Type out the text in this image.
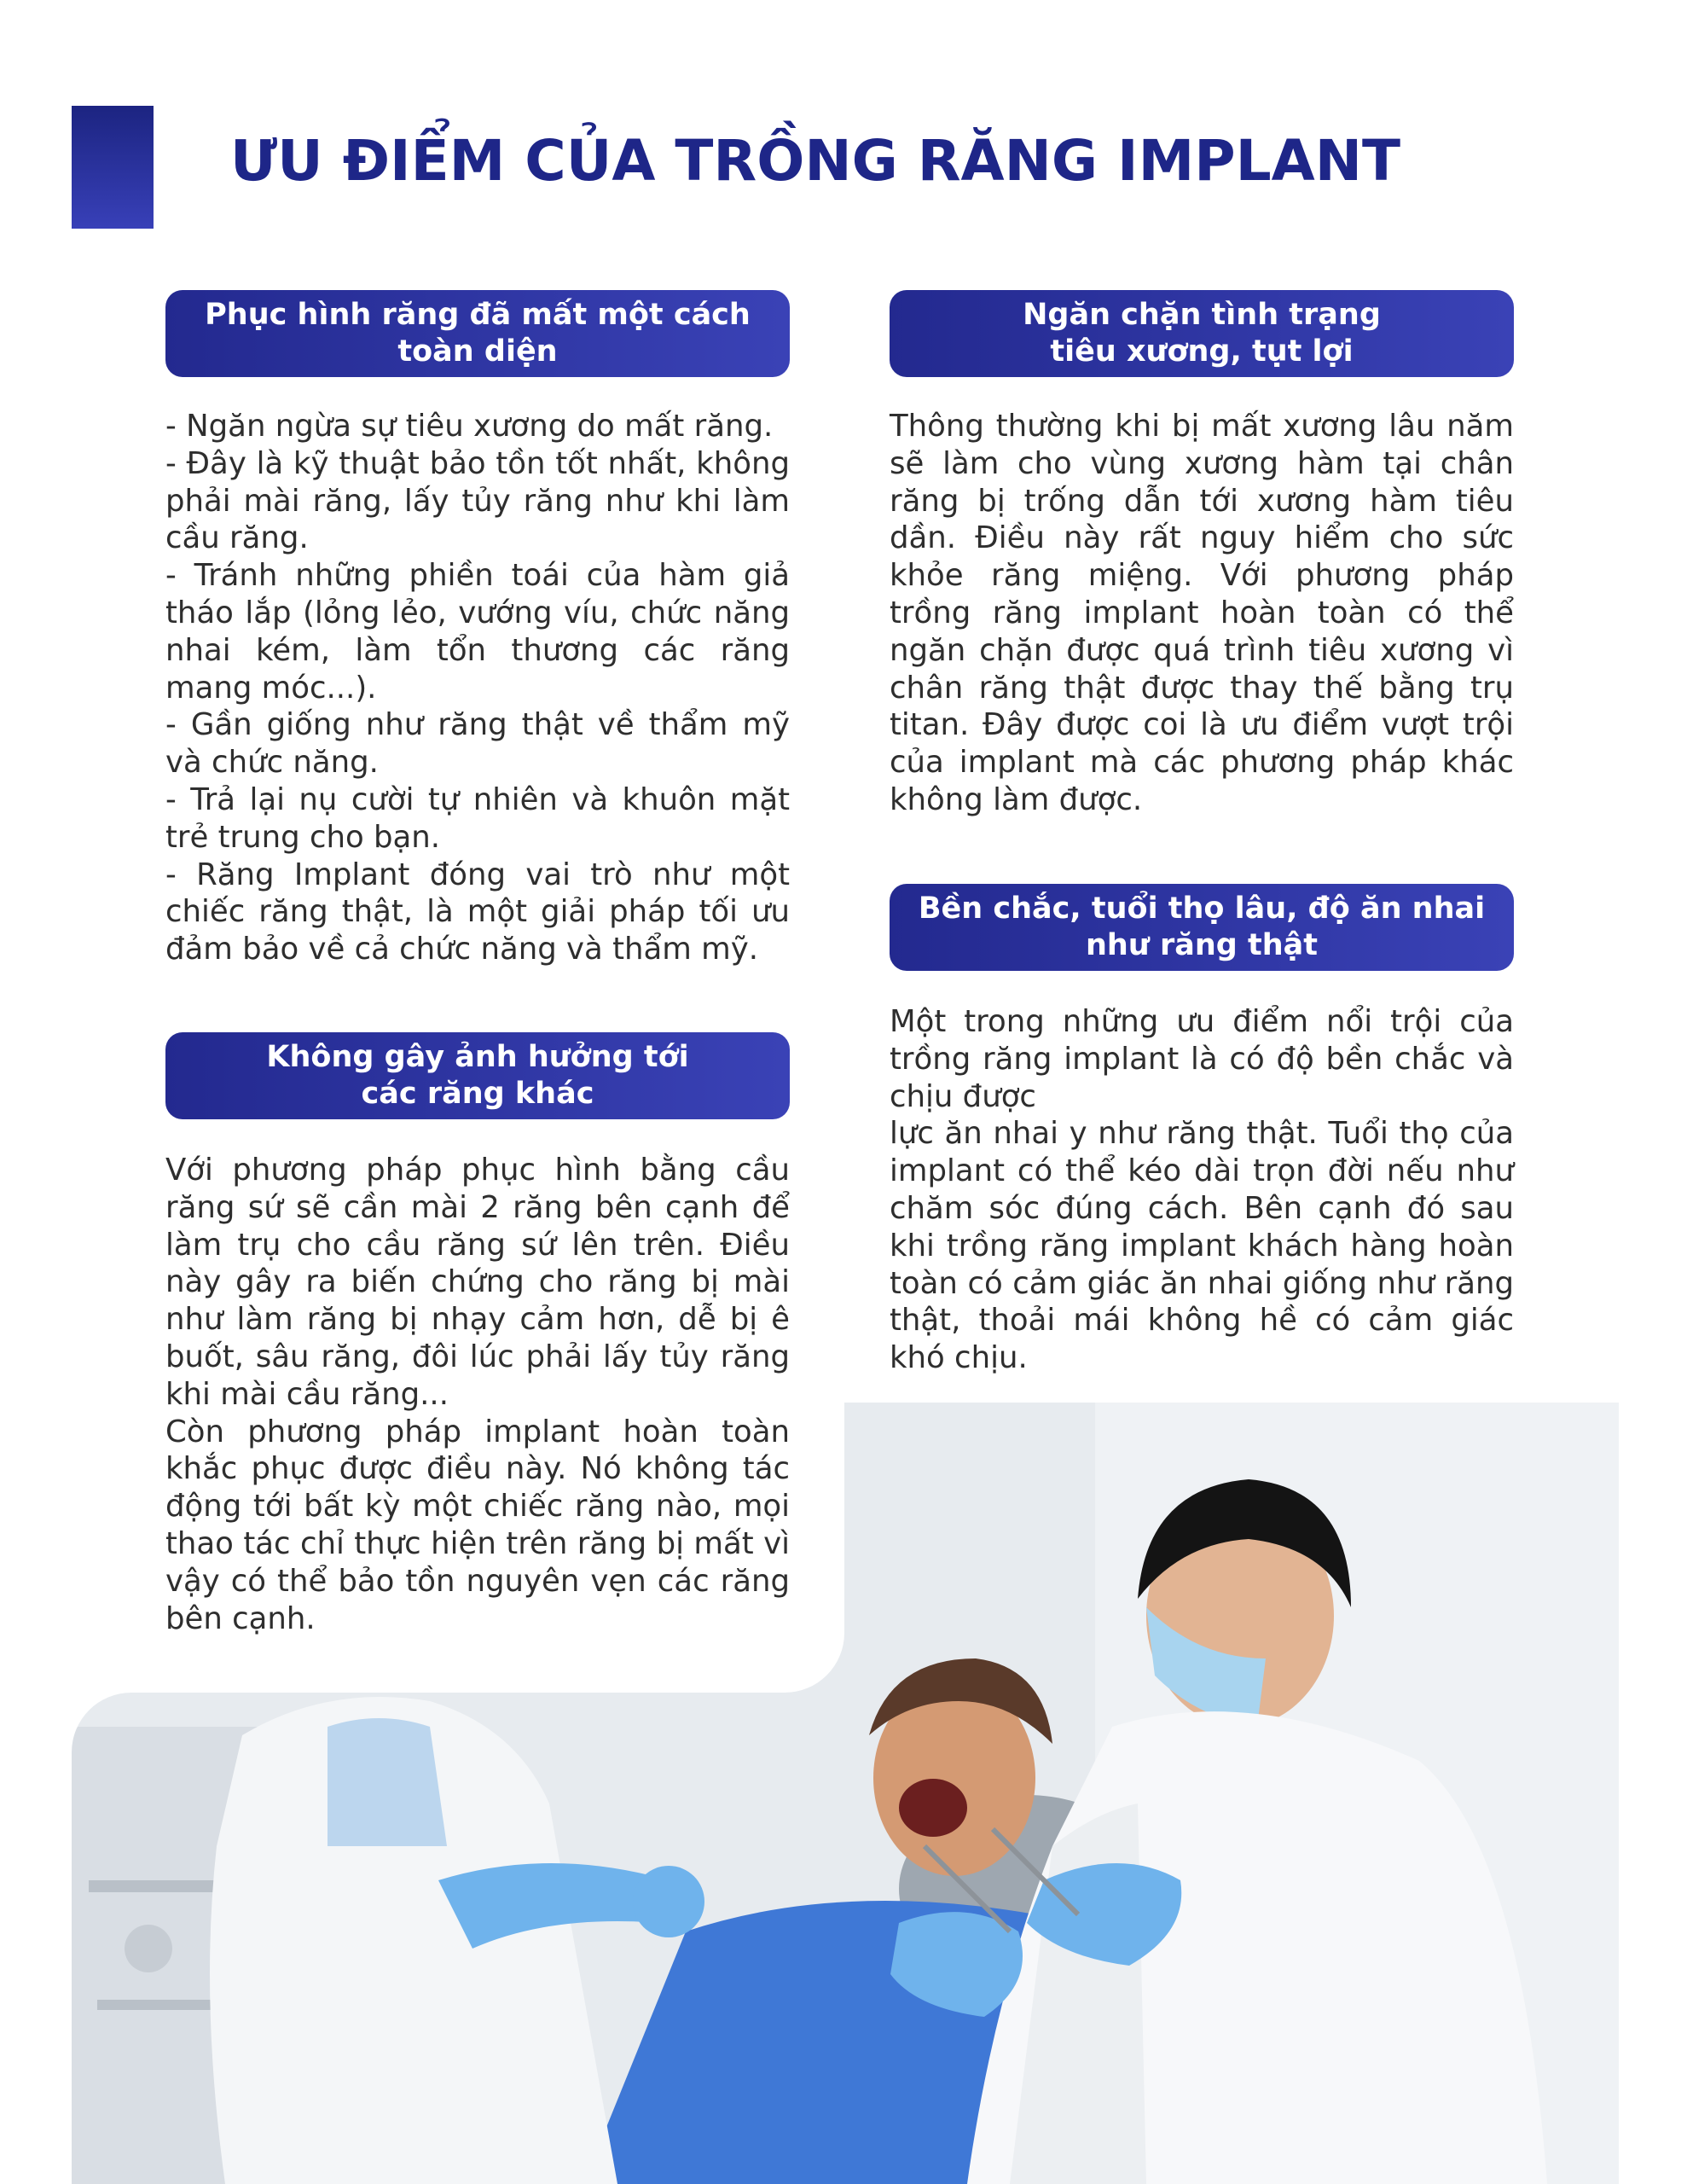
ƯU ĐIỂM CỦA TRỒNG RĂNG IMPLANT
Phục hình răng đã mất một cách
toàn diện

- Ngăn ngừa sự tiêu xương do mất răng.

- Đây là kỹ thuật bảo tồn tốt nhất, không phải mài răng, lấy tủy răng như khi làm cầu răng.

- Tránh những phiền toái của hàm giả tháo lắp (lỏng lẻo, vướng víu, chức năng nhai kém, làm tổn thương các răng mang móc...).

- Gần giống như răng thật về thẩm mỹ và chức năng.

- Trả lại nụ cười tự nhiên và khuôn mặt trẻ trung cho bạn.

- Răng Implant đóng vai trò như một chiếc răng thật, là một giải pháp tối ưu đảm bảo về cả chức năng và thẩm mỹ.

Không gây ảnh hưởng tới
các răng khác

Với phương pháp phục hình bằng cầu răng sứ sẽ cần mài 2 răng bên cạnh để làm trụ cho cầu răng sứ lên trên. Điều này gây ra biến chứng cho răng bị mài như làm răng bị nhạy cảm hơn, dễ bị ê buốt, sâu răng, đôi lúc phải lấy tủy răng khi mài cầu răng...

Còn phương pháp implant hoàn toàn khắc phục được điều này. Nó không tác động tới bất kỳ một chiếc răng nào, mọi thao tác chỉ thực hiện trên răng bị mất vì vậy có thể bảo tồn nguyên vẹn các răng bên cạnh.

Ngăn chặn tình trạng
tiêu xương, tụt lợi

Thông thường khi bị mất xương lâu năm sẽ làm cho vùng xương hàm tại chân răng bị trống dẫn tới xương hàm tiêu dần. Điều này rất nguy hiểm cho sức khỏe răng miệng. Với phương pháp trồng răng implant hoàn toàn có thể ngăn chặn được quá trình tiêu xương vì chân răng thật được thay thế bằng trụ titan. Đây được coi là ưu điểm vượt trội của implant mà các phương pháp khác không làm được.

Bền chắc, tuổi thọ lâu, độ ăn nhai
như răng thật

Một trong những ưu điểm nổi trội của trồng răng implant là có độ bền chắc và chịu được

lực ăn nhai y như răng thật. Tuổi thọ của implant có thể kéo dài trọn đời nếu như chăm sóc đúng cách. Bên cạnh đó sau khi trồng răng implant khách hàng hoàn toàn có cảm giác ăn nhai giống như răng thật, thoải mái không hề có cảm giác khó chịu.
